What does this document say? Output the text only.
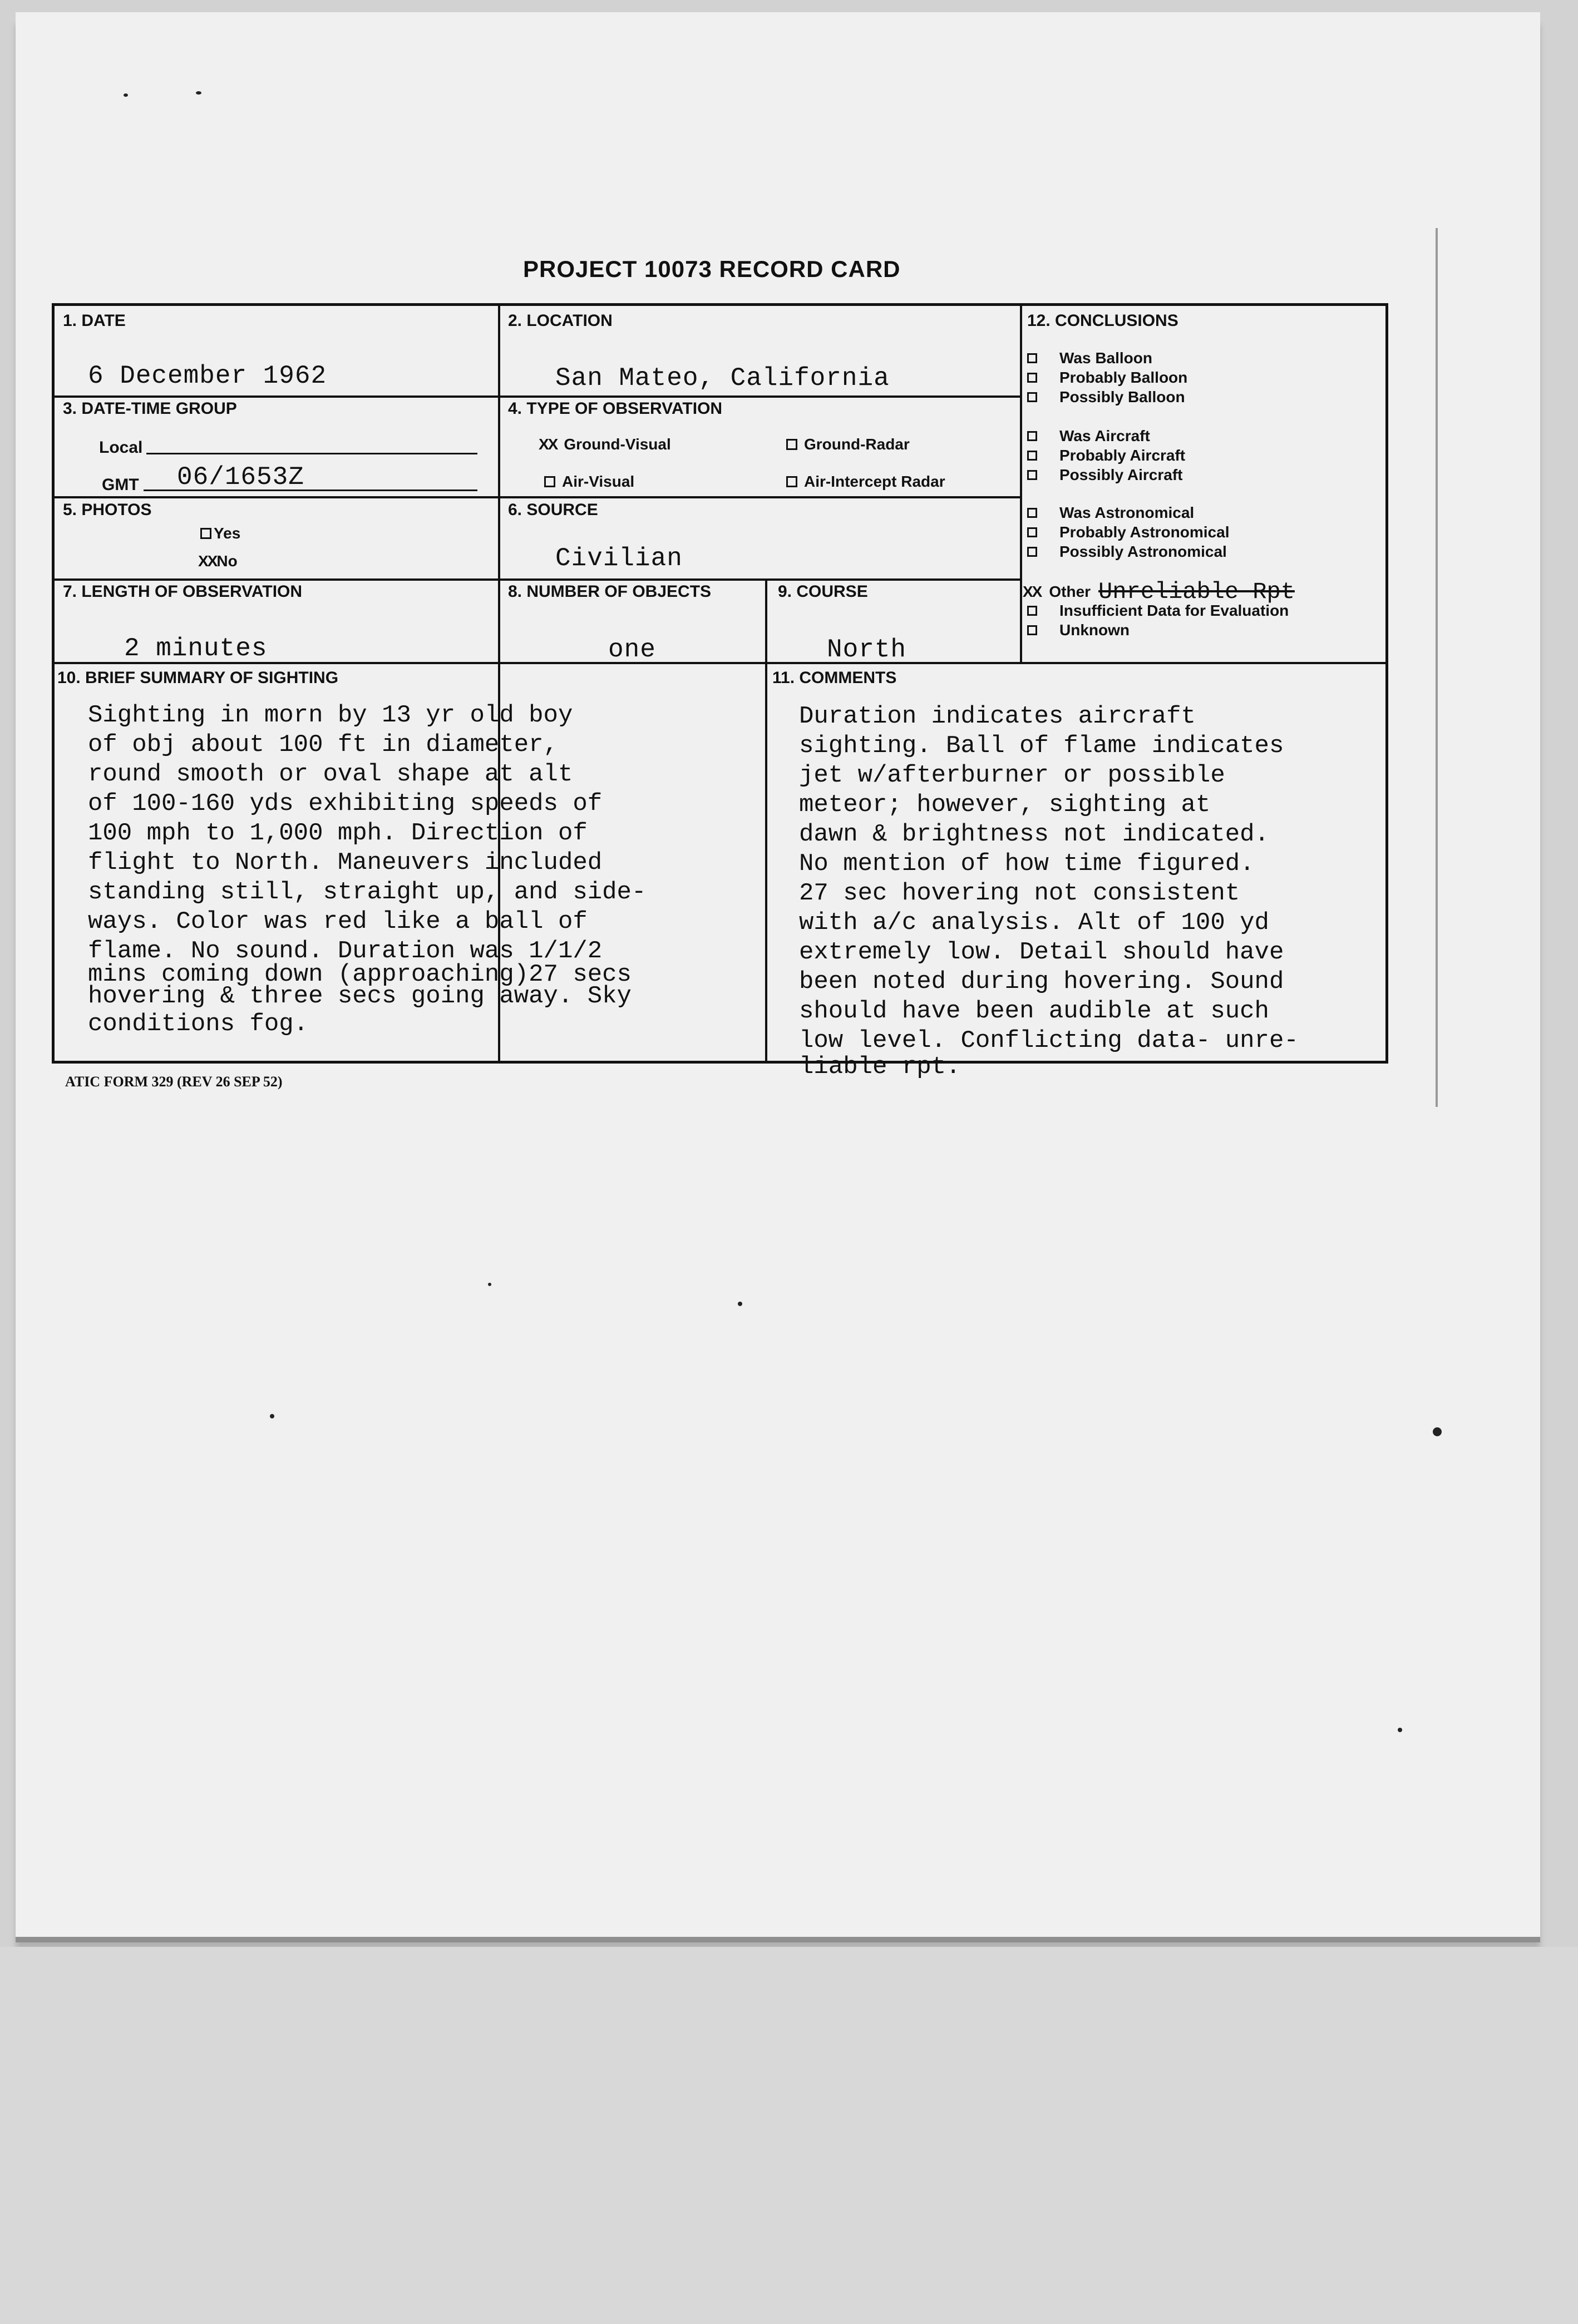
PROJECT 10073 RECORD CARD
1. DATE
6 December 1962
2. LOCATION
San Mateo, California
3. DATE-TIME GROUP
Local
GMT 06/1653Z
4. TYPE OF OBSERVATION
XX Ground-Visual	Ground-Radar
Air-Visual	Air-Intercept Radar
5. PHOTOS
Yes
XX No
6. SOURCE
Civilian
7. LENGTH OF OBSERVATION
2 minutes
8. NUMBER OF OBJECTS
one
9. COURSE
North
12. CONCLUSIONS
Was Balloon
Probably Balloon
Possibly Balloon
Was Aircraft
Probably Aircraft
Possibly Aircraft
Was Astronomical
Probably Astronomical
Possibly Astronomical
XX Other Unreliable Rpt
Insufficient Data for Evaluation
Unknown
10. BRIEF SUMMARY OF SIGHTING
Sighting in morn by 13 yr old boy
of obj about 100 ft in diameter,
round smooth or oval shape at alt
of 100-160 yds exhibiting speeds of
100 mph to 1,000 mph. Direction of
flight to North. Maneuvers included
standing still, straight up, and side-
ways. Color was red like a ball of
flame. No sound. Duration was 1/1/2
mins coming down (approaching)27 secs
hovering & three secs going away. Sky
conditions fog.
11. COMMENTS
Duration indicates aircraft
sighting. Ball of flame indicates
jet w/afterburner or possible
meteor; however, sighting at
dawn & brightness not indicated.
No mention of how time figured.
27 sec hovering not consistent
with a/c analysis. Alt of 100 yd
extremely low. Detail should have
been noted during hovering. Sound
should have been audible at such
low level. Conflicting data- unre-
liable rpt.
ATIC FORM 329 (REV 26 SEP 52)
